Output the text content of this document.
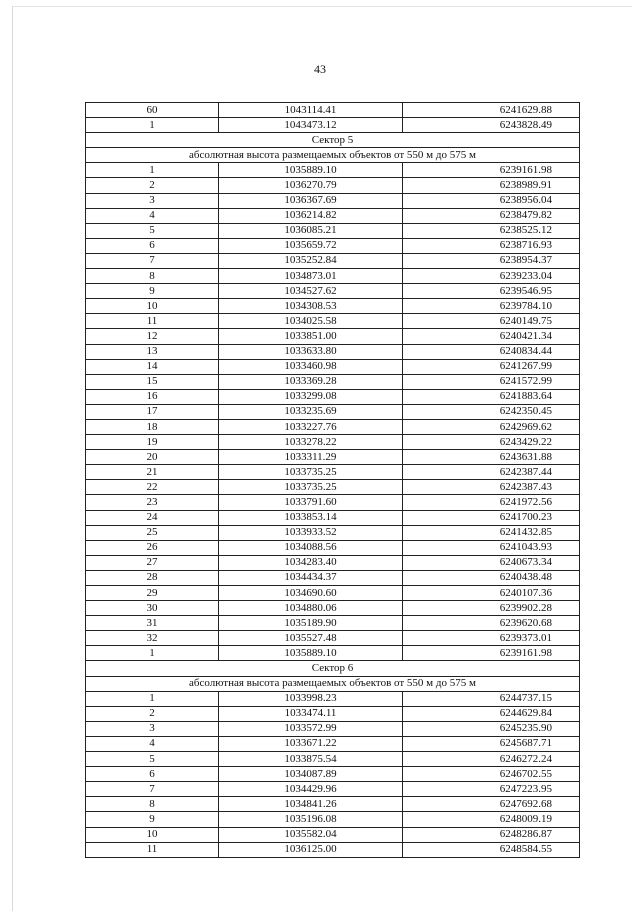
43
60	1043114.41	6241629.88
1	1043473.12	6243828.49
Сектор 5		
абсолютная высота размещаемых объектов от 550 м до 575 м		
1	1035889.10	6239161.98
2	1036270.79	6238989.91
3	1036367.69	6238956.04
4	1036214.82	6238479.82
5	1036085.21	6238525.12
6	1035659.72	6238716.93
7	1035252.84	6238954.37
8	1034873.01	6239233.04
9	1034527.62	6239546.95
10	1034308.53	6239784.10
11	1034025.58	6240149.75
12	1033851.00	6240421.34
13	1033633.80	6240834.44
14	1033460.98	6241267.99
15	1033369.28	6241572.99
16	1033299.08	6241883.64
17	1033235.69	6242350.45
18	1033227.76	6242969.62
19	1033278.22	6243429.22
20	1033311.29	6243631.88
21	1033735.25	6242387.44
22	1033735.25	6242387.43
23	1033791.60	6241972.56
24	1033853.14	6241700.23
25	1033933.52	6241432.85
26	1034088.56	6241043.93
27	1034283.40	6240673.34
28	1034434.37	6240438.48
29	1034690.60	6240107.36
30	1034880.06	6239902.28
31	1035189.90	6239620.68
32	1035527.48	6239373.01
1	1035889.10	6239161.98
Сектор 6		
абсолютная высота размещаемых объектов от 550 м до 575 м		
1	1033998.23	6244737.15
2	1033474.11	6244629.84
3	1033572.99	6245235.90
4	1033671.22	6245687.71
5	1033875.54	6246272.24
6	1034087.89	6246702.55
7	1034429.96	6247223.95
8	1034841.26	6247692.68
9	1035196.08	6248009.19
10	1035582.04	6248286.87
11	1036125.00	6248584.55
